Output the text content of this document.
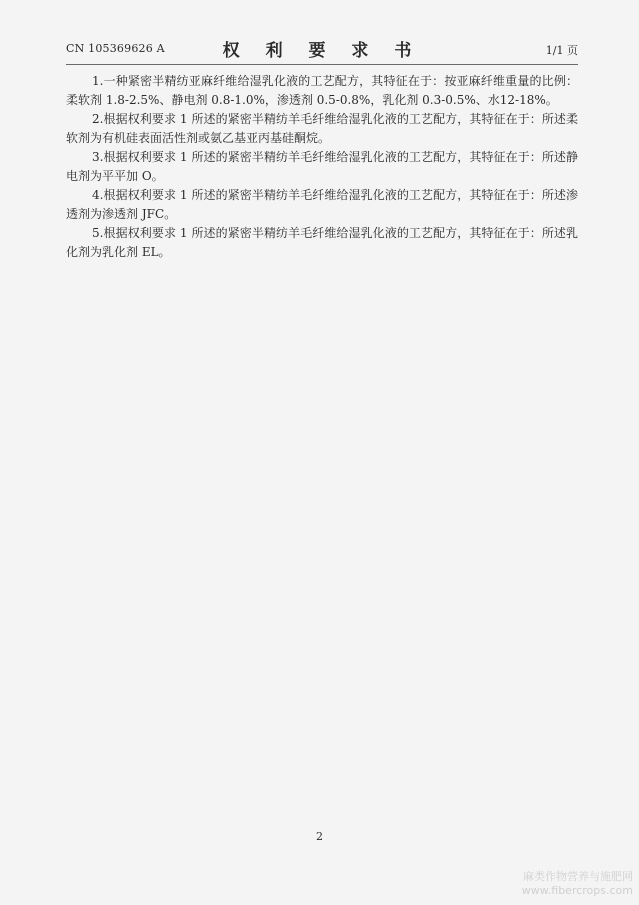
CN 105369626 A	权 利 要 求 书	1/1 页

1.一种紧密半精纺亚麻纤维给湿乳化液的工艺配方，其特征在于：按亚麻纤维重量的比例：柔软剂 1.8-2.5%、静电剂 0.8-1.0%，渗透剂 0.5-0.8%，乳化剂 0.3-0.5%、水12-18%。

2.根据权利要求 1 所述的紧密半精纺羊毛纤维给湿乳化液的工艺配方，其特征在于：所述柔软剂为有机硅表面活性剂或氨乙基亚丙基硅酮烷。

3.根据权利要求 1 所述的紧密半精纺羊毛纤维给湿乳化液的工艺配方，其特征在于：所述静电剂为平平加 O。

4.根据权利要求 1 所述的紧密半精纺羊毛纤维给湿乳化液的工艺配方，其特征在于：所述渗透剂为渗透剂 JFC。

5.根据权利要求 1 所述的紧密半精纺羊毛纤维给湿乳化液的工艺配方，其特征在于：所述乳化剂为乳化剂 EL。

2
麻类作物营养与施肥网
www.fibercrops.com
